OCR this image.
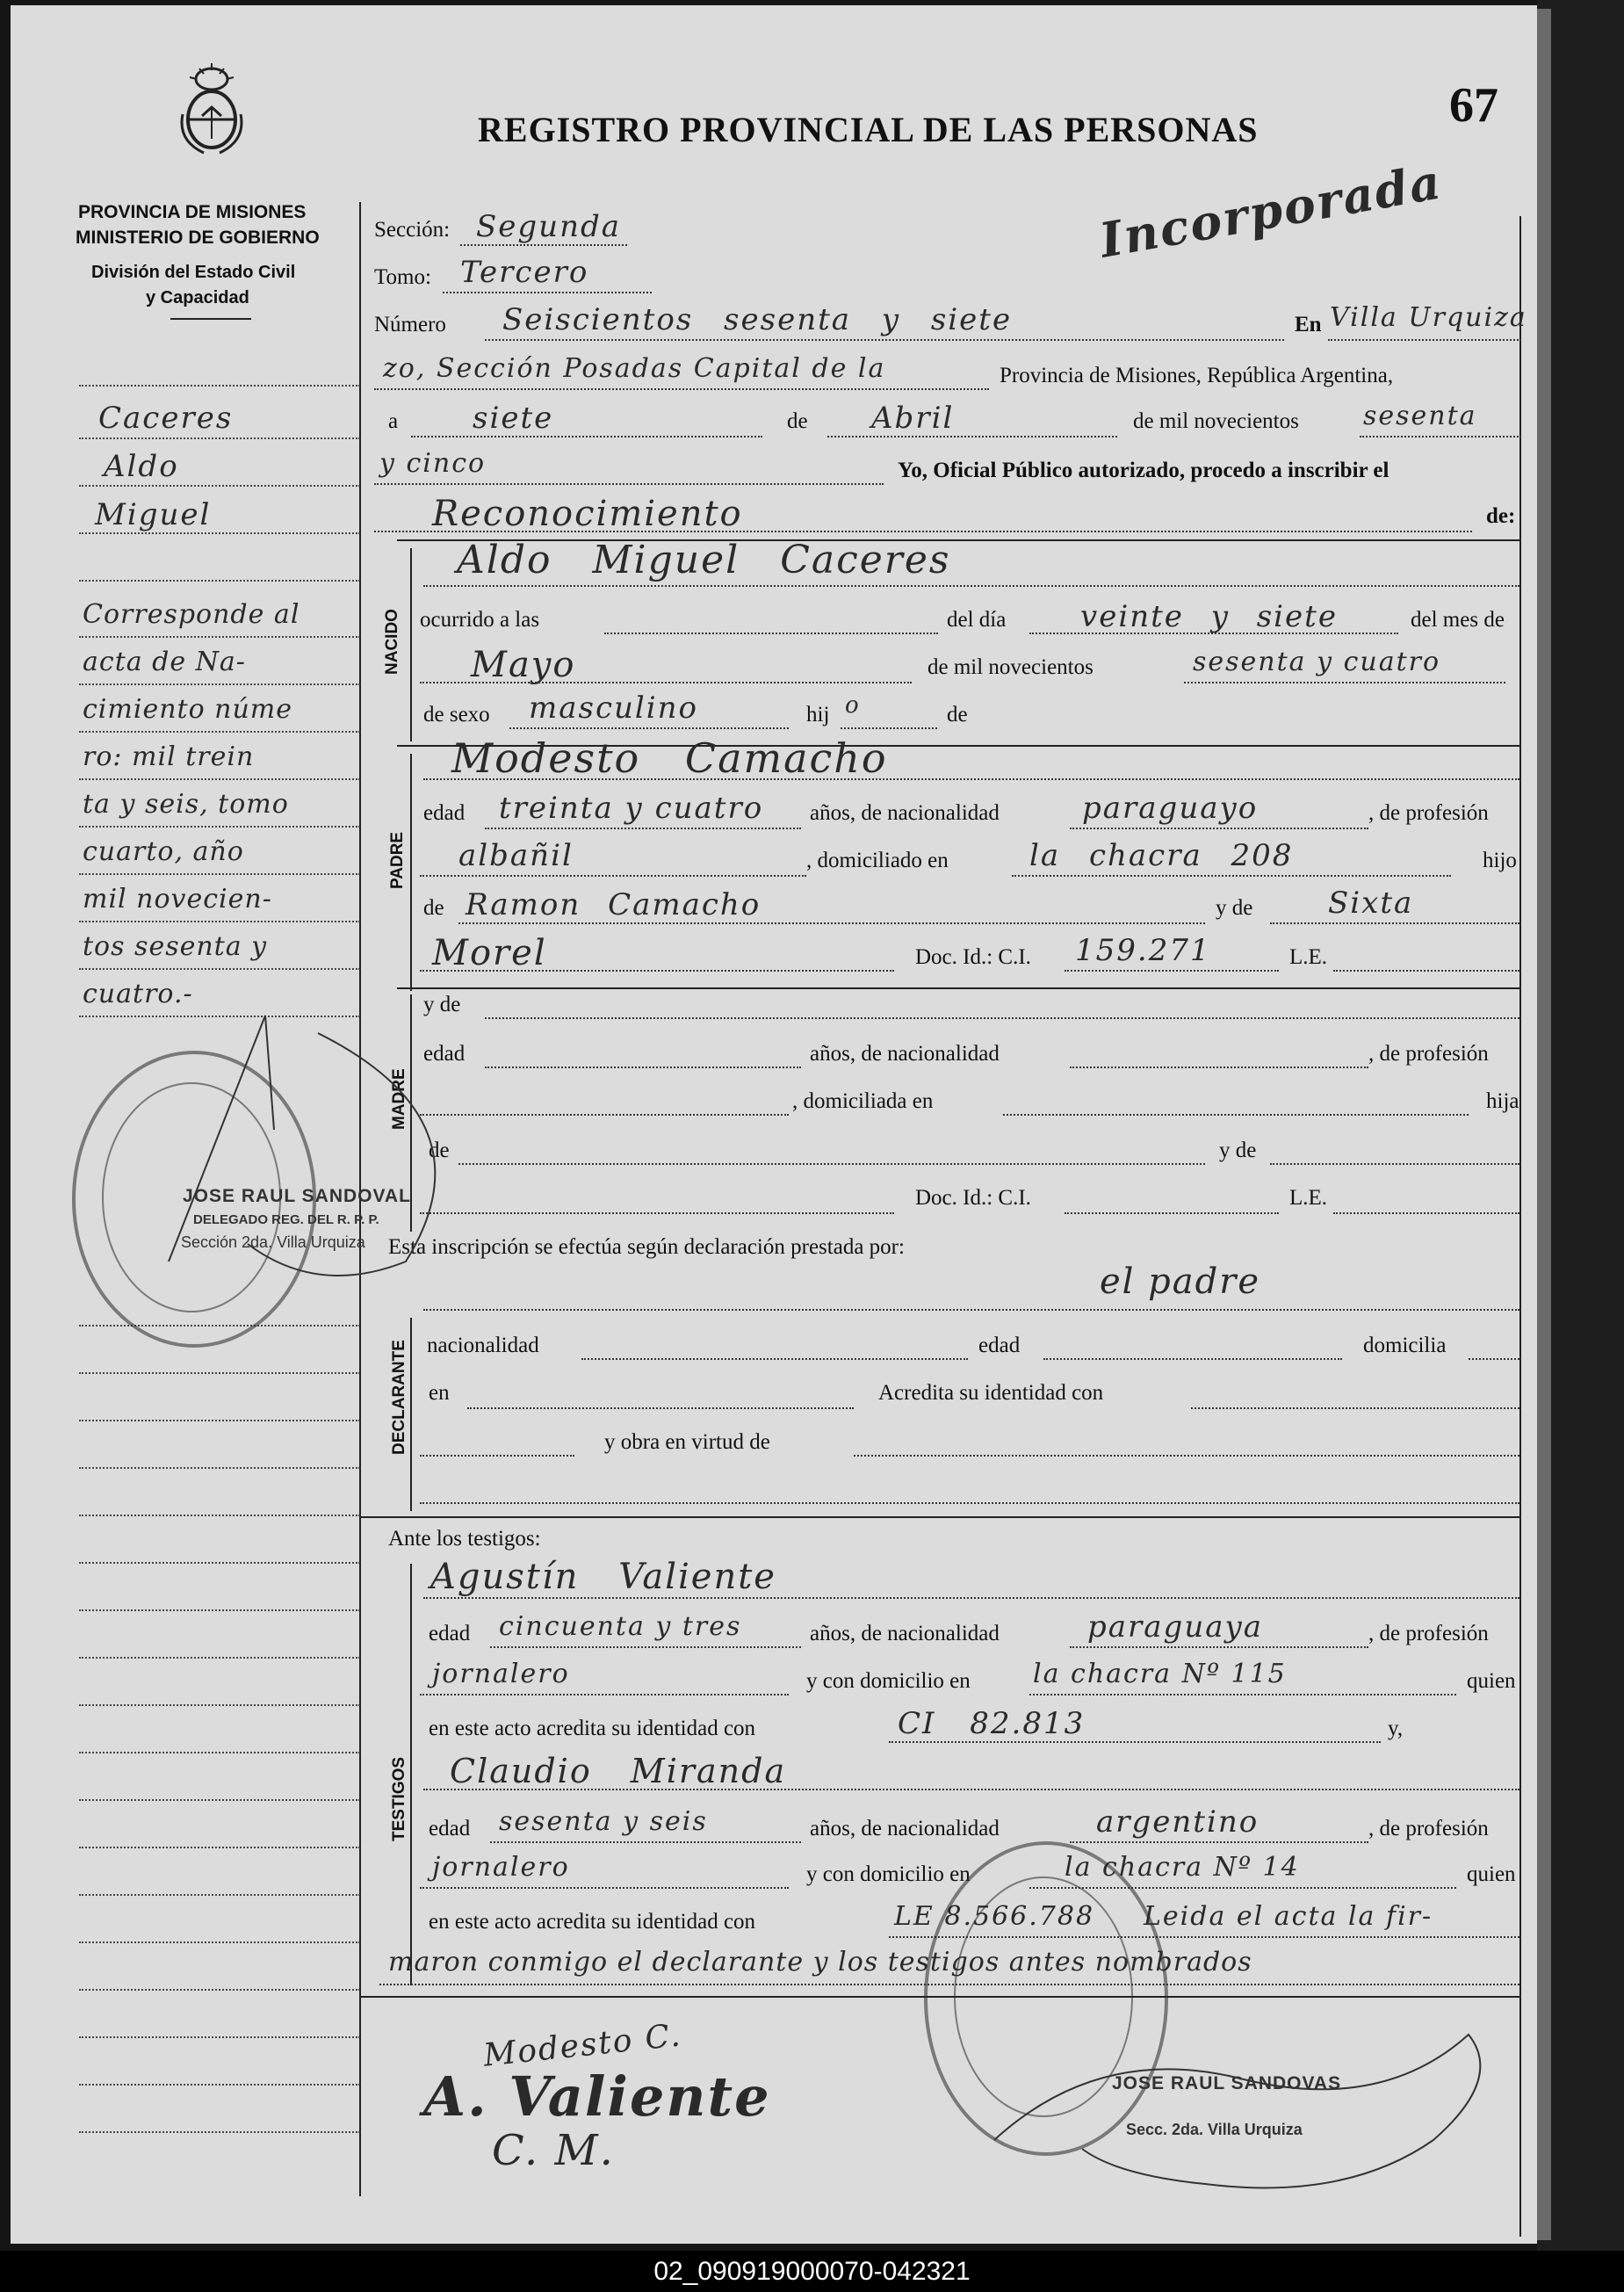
PROVINCIA DE MISIONES
MINISTERIO DE GOBIERNO
División del Estado Civil
y Capacidad
REGISTRO PROVINCIAL DE LAS PERSONAS	67
Incorporada
Sección: Segunda
Tomo: Tercero
Número Seiscientos sesenta y siete	En Villa Urquiza
zo, Sección Posadas Capital de la	Provincia de Misiones, República Argentina,
a siete	de Abril	de mil novecientos sesenta
y cinco	Yo, Oficial Público autorizado, procedo a inscribir el
Reconocimiento	de:
NACIDO
Aldo Miguel Caceres
ocurrido a las	del día veinte y siete	del mes de
Mayo	de mil novecientos	sesenta y cuatro
de sexo masculino	hij o	de
PADRE
Modesto Camacho
edad treinta y cuatro años, de nacionalidad	paraguayo	, de profesión
albañil	, domiciliado en	la chacra 208	hijo
de Ramon Camacho	y de	Sixta
Morel	Doc. Id.: C.I. 159.271	L.E.
MADRE
y de
edad	años, de nacionalidad	, de profesión
, domiciliada en	hija
de	y de
Doc. Id.: C.I.	L.E.
Esta inscripción se efectúa según declaración prestada por:
el padre
DECLARANTE nacionalidad	edad	domicilia
en	Acredita su identidad con
y obra en virtud de
Ante los testigos:
Agustín Valiente
TESTIGOS
edad cincuenta y tres	años, de nacionalidad	paraguaya	, de profesión
jornalero	y con domicilio en la chacra Nº 115	quien
en este acto acredita su identidad con	CI 82.813	y,
Claudio Miranda
edad sesenta y seis	años, de nacionalidad	argentino	, de profesión
jornalero	y con domicilio en	la chacra Nº 14	quien
en este acto acredita su identidad con	LE 8.566.788 Leida el acta la fir-
maron conmigo el declarante y los testigos antes nombrados
Modesto C.
A. Valiente
C. M.
Caceres
Aldo
Miguel
Corresponde al
acta de Na-
cimiento núme
ro: mil trein
ta y seis, tomo
cuarto, año
mil novecien-
tos sesenta y
cuatro.-
JOSE RAUL SANDOVAL
DELEGADO REG. DEL R. P. P.
Sección 2da. Villa Urquiza
JOSE RAUL SANDOVAS
Secc. 2da. Villa Urquiza
02_090919000070-042321
